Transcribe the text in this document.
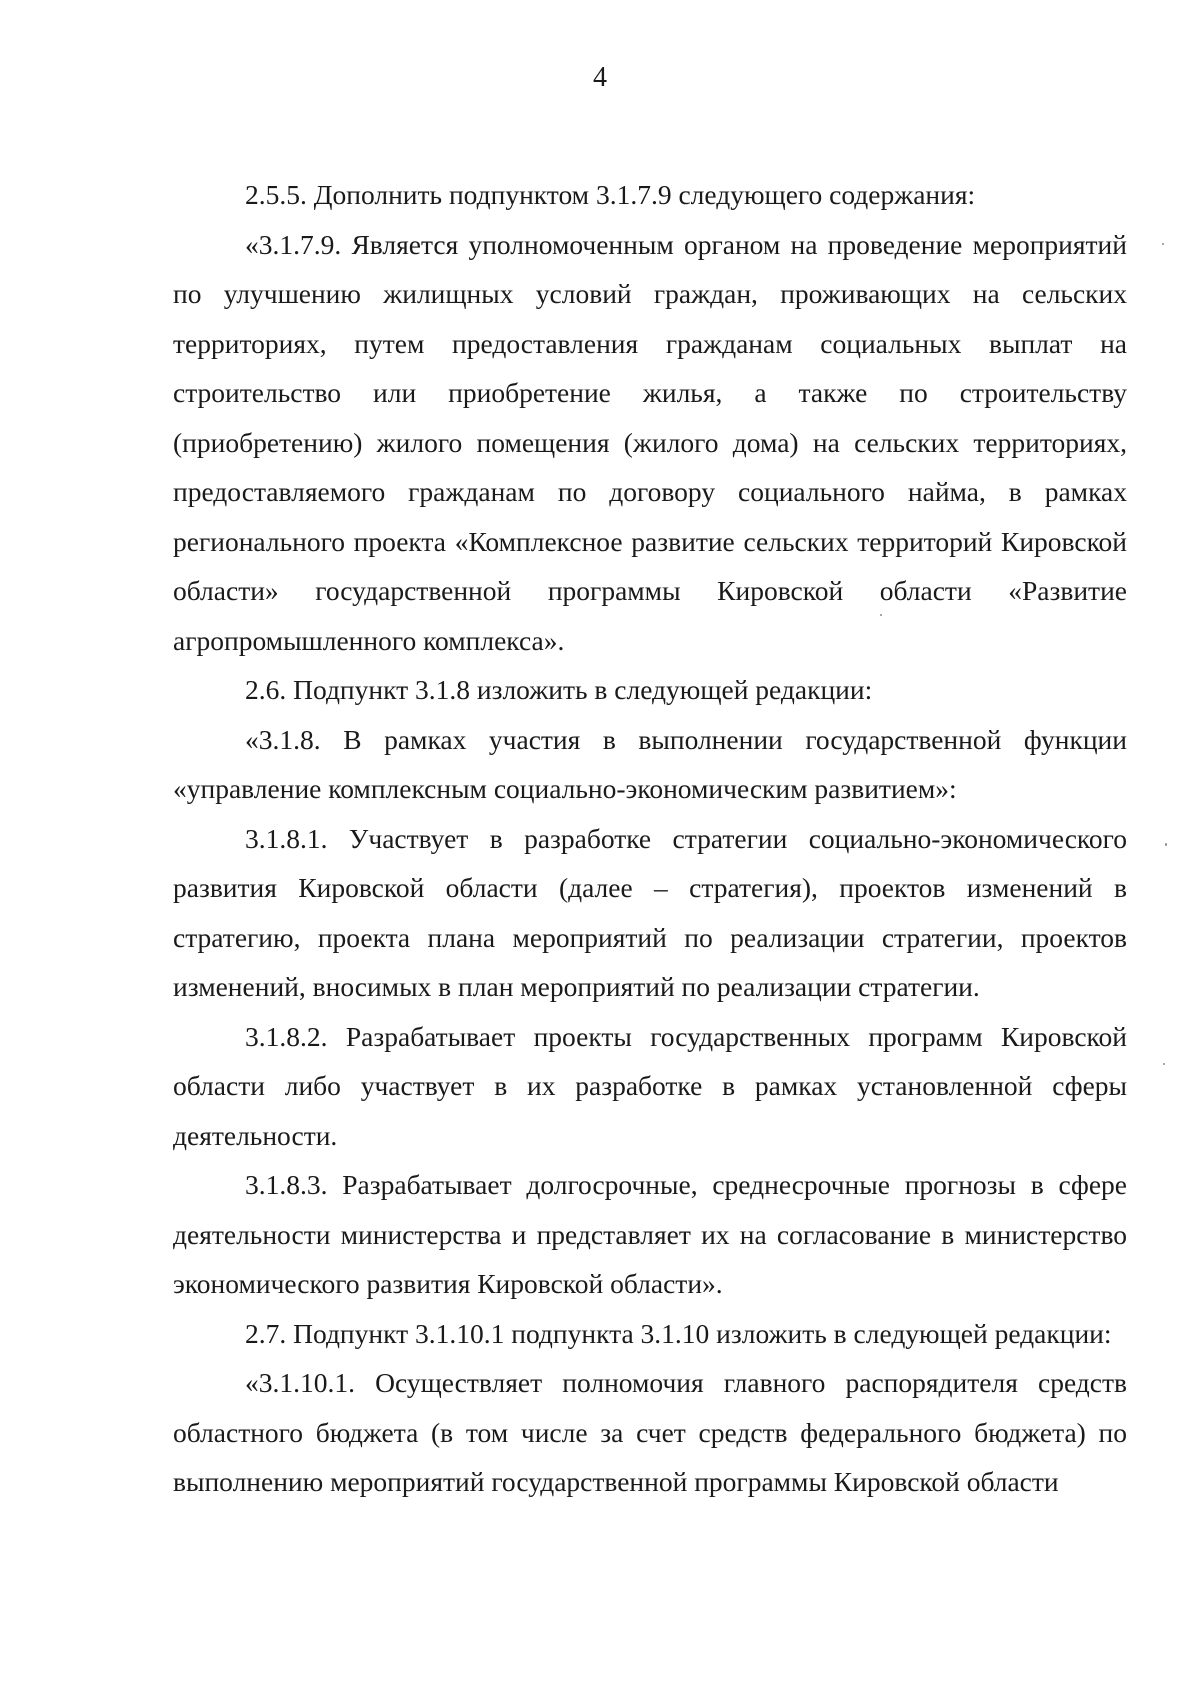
4

2.5.5. Дополнить подпунктом 3.1.7.9 следующего содержания:

«3.1.7.9. Является уполномоченным органом на проведение мероприятий по улучшению жилищных условий граждан, проживающих на сельских территориях, путем предоставления гражданам социальных выплат на строительство или приобретение жилья, а также по строительству (приобретению) жилого помещения (жилого дома) на сельских территориях, предоставляемого гражданам по договору социального найма, в рамках регионального проекта «Комплексное развитие сельских территорий Кировской области» государственной программы Кировской области «Развитие агропромышленного комплекса».

2.6. Подпункт 3.1.8 изложить в следующей редакции:

«3.1.8. В рамках участия в выполнении государственной функции «управление комплексным социально-экономическим развитием»:

3.1.8.1. Участвует в разработке стратегии социально-экономического развития Кировской области (далее – стратегия), проектов изменений в стратегию, проекта плана мероприятий по реализации стратегии, проектов изменений, вносимых в план мероприятий по реализации стратегии.

3.1.8.2. Разрабатывает проекты государственных программ Кировской области либо участвует в их разработке в рамках установленной сферы деятельности.

3.1.8.3. Разрабатывает долгосрочные, среднесрочные прогнозы в сфере деятельности министерства и представляет их на согласование в министерство экономического развития Кировской области».

2.7. Подпункт 3.1.10.1 подпункта 3.1.10 изложить в следующей редакции:

«3.1.10.1. Осуществляет полномочия главного распорядителя средств областного бюджета (в том числе за счет средств федерального бюджета) по выполнению мероприятий государственной программы Кировской области
